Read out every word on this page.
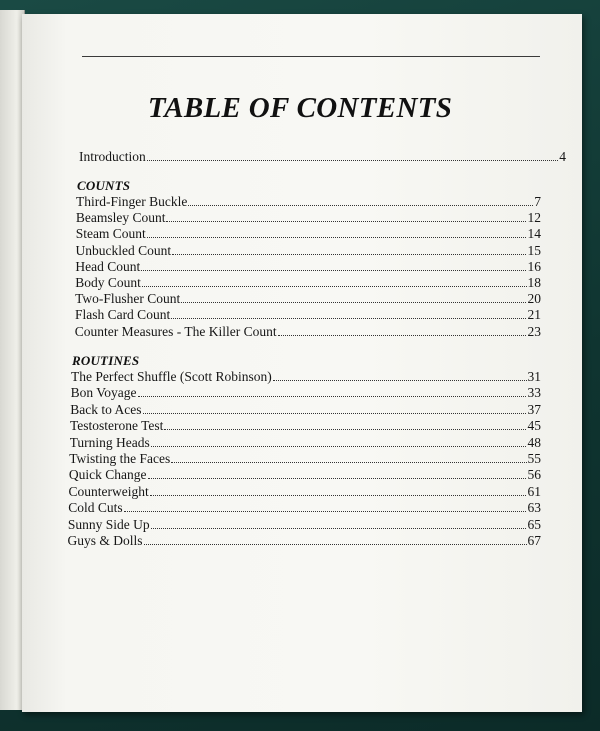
TABLE OF CONTENTS
Introduction	4
COUNTS
Third-Finger Buckle	7
Beamsley Count	12
Steam Count	14
Unbuckled Count	15
Head Count	16
Body Count	18
Two-Flusher Count	20
Flash Card Count	21
Counter Measures - The Killer Count	23
ROUTINES
The Perfect Shuffle (Scott Robinson)	31
Bon Voyage	33
Back to Aces	37
Testosterone Test	45
Turning Heads	48
Twisting the Faces	55
Quick Change	56
Counterweight	61
Cold Cuts	63
Sunny Side Up	65
Guys & Dolls	67
